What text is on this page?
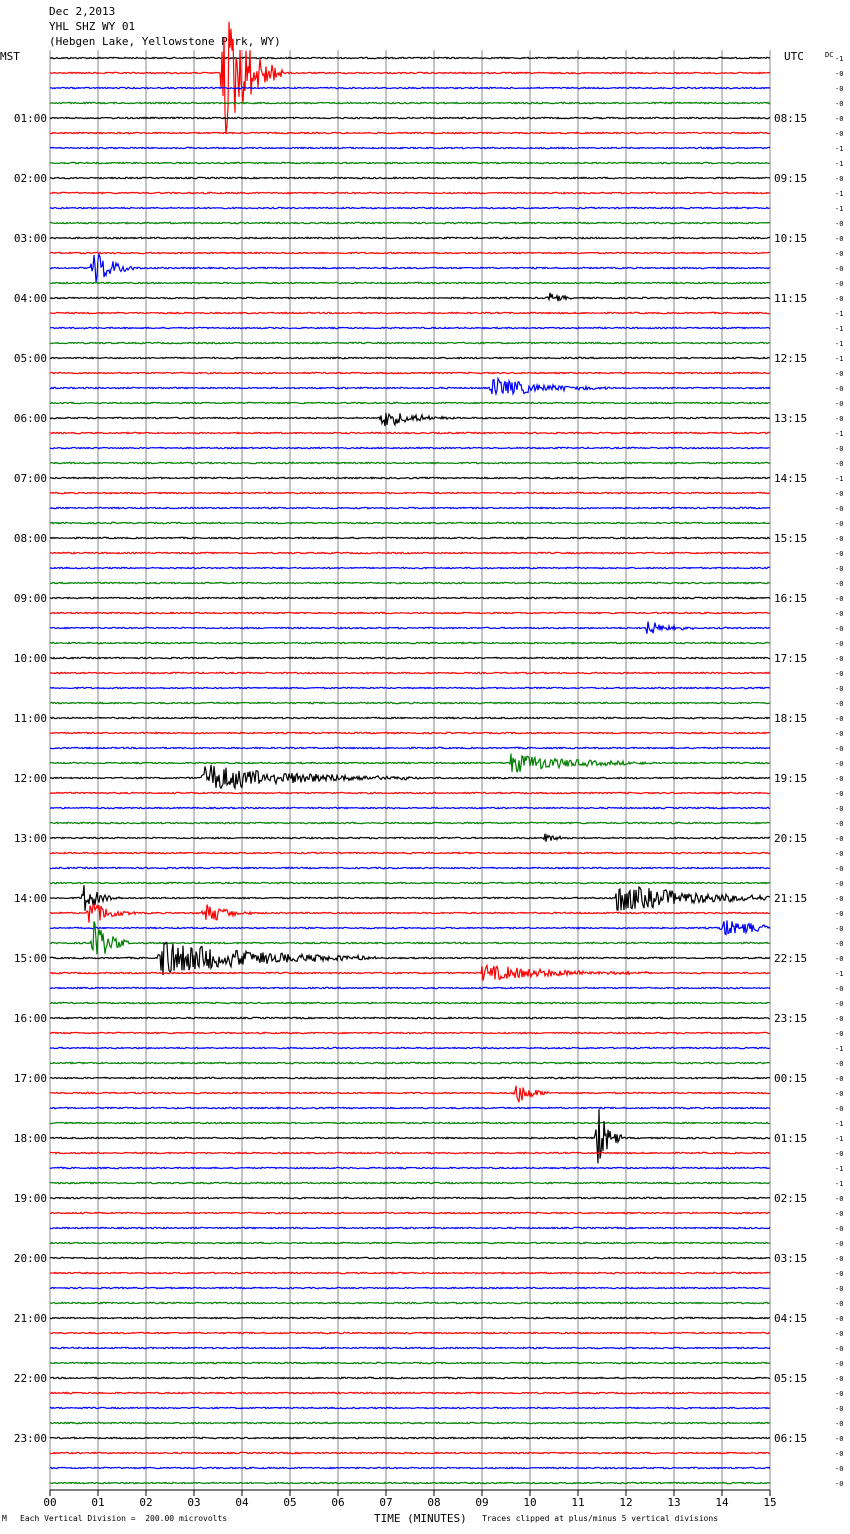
Dec 2,2013
YHL SHZ WY 01
(Hebgen Lake, Yellowstone Park, WY)
MST	UTC	DC
01:00
02:00
03:00
04:00
05:00
06:00
07:00
08:00
09:00
10:00
11:00
12:00
13:00
14:00
15:00
16:00
17:00
18:00
19:00
20:00
21:00
22:00
23:00
08:15
09:15
10:15
11:15
12:15
13:15
14:15
15:15
16:15
17:15
18:15
19:15
20:15
21:15
22:15
23:15
00:15
01:15
02:15
03:15
04:15
05:15
06:15
-1
-0
-0
-0
-0
-0
-1
-1
-0
-1
-1
-0
-0
-0
-0
-0
-0
-1
-1
-1
-1
-0
-0
-0
-0
-1
-0
-0
-1
-0
-0
-0
-0
-0
-0
-0
-0
-0
-0
-0
-0
-0
-0
-0
-0
-0
-0
-0
-0
-0
-0
-0
-0
-0
-0
-0
-0
-0
-0
-0
-0
-1
-0
-0
-0
-0
-1
-0
-0
-0
-0
-1
-1
-0
-1
-1
-0
-0
-0
-0
-0
-0
-0
-0
-0
-0
-0
-0
-0
-0
-0
-0
-0
-0
-0
-0
00	01	02	03	04	05	06	07	08	09	10	11	12	13	14	15
TIME (MINUTES)
M Each Vertical Division =  200.00 microvolts	Traces clipped at plus/minus 5 vertical divisions
